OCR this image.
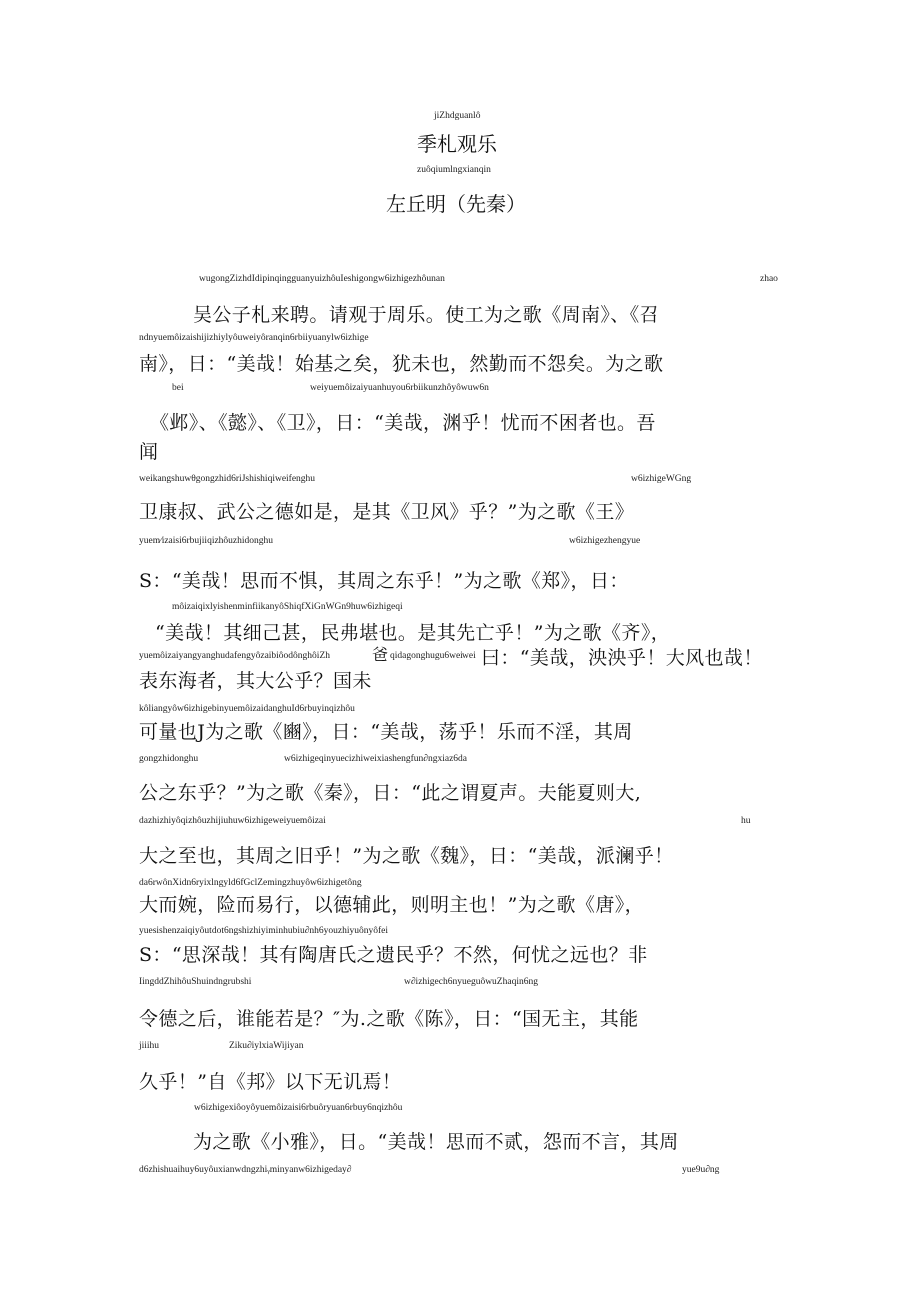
jiZhdguanlô
季札观乐
zuôqiumlngxianqin
左丘明（先秦）
wugongZizhdIdipinqingguanyuizhôuIeshigongw6izhigezhôunan	zhao
吴公子札来聘。请观于周乐。使工为之歌《周南》、《召
ndnyuemôizaishijizhiylyôuweiyôranqin6rbiiyuanylw6izhige
南》，日：“美哉！始基之矣，犹未也，然勤而不怨矣。为之歌
bei	weiyuemôizaiyuanhuyou6rbiikunzhôyôwuw6n
《邺》、《懿》、《卫》，日：“美哉，渊乎！忧而不困者也。吾
闻
weikangshuwθgongzhid6riJshishiqiweifenghu	w6izhigeWGng
卫康叔、武公之德如是，是其《卫风》乎？”为之歌《王》
yuem⁄izaisi6rbujiiqizhôuzhidonghu	w6izhigezhengyue
S：“美哉！思而不惧，其周之东乎！”为之歌《郑》，日：
môizaiqixlyishenminfiikanyôShiqfXiGnWGn9huw6izhigeqi
“美哉！其细己甚，民弗堪也。是其先亡乎！”为之歌《齐》，
yuemôizaiyangyanghudafengyôzaibiôodônghôiZh	爸 qidagonghugu6wei wei 曰：“美哉，泱泱乎！大风也哉！
表东海者，其大公乎？国未
kôliangyôw6izhigebinyuemôizaidanghuId6rbuyinqizhôu
可量也J为之歌《豳》，日：“美哉，荡乎！乐而不淫，其周
gongzhidonghu	w6izhigeqinyuecizhiweixiashengfun∂ngxiaz6da
公之东乎？”为之歌《秦》，日：“此之谓夏声。夫能夏则大,
dazhizhiyôqizhôuzhijiuhuw6izhigeweiyuemôizai	hu
大之至也，其周之旧乎！”为之歌《魏》，日：“美哉，派澜乎！
da6rwônXidn6ryixlngyld6fGclZemingzhuyôw6izhigetông
大而婉，险而易行，以德辅此，则明主也！”为之歌《唐》，
yuesishenzaiqiyôutdot6ngshizhiyiminhubiu∂nh6youzhiyuônyôfei
S：“思深哉！其有陶唐氏之遗民乎？不然，何忧之远也？非
IingddZhihôuShuindngrubshi	w∂izhigech6nyueguôwuZhaqin6ng
令德之后，谁能若是？″为.之歌《陈》，日：“国无主，其能
jiiihu	Ziku∂iylxiaWijiyan
久乎！”自《邦》以下无讥焉！
w6izhigexiôoyôyuemôizaisi6rbuôryuan6rbuy6nqizhôu
为之歌《小雅》，日。“美哉！思而不贰，怨而不言，其周
d6zhishuaihuy6uyôuxianwdngzhiᵧminyanw6izhigeday∂	yue9u∂ng
